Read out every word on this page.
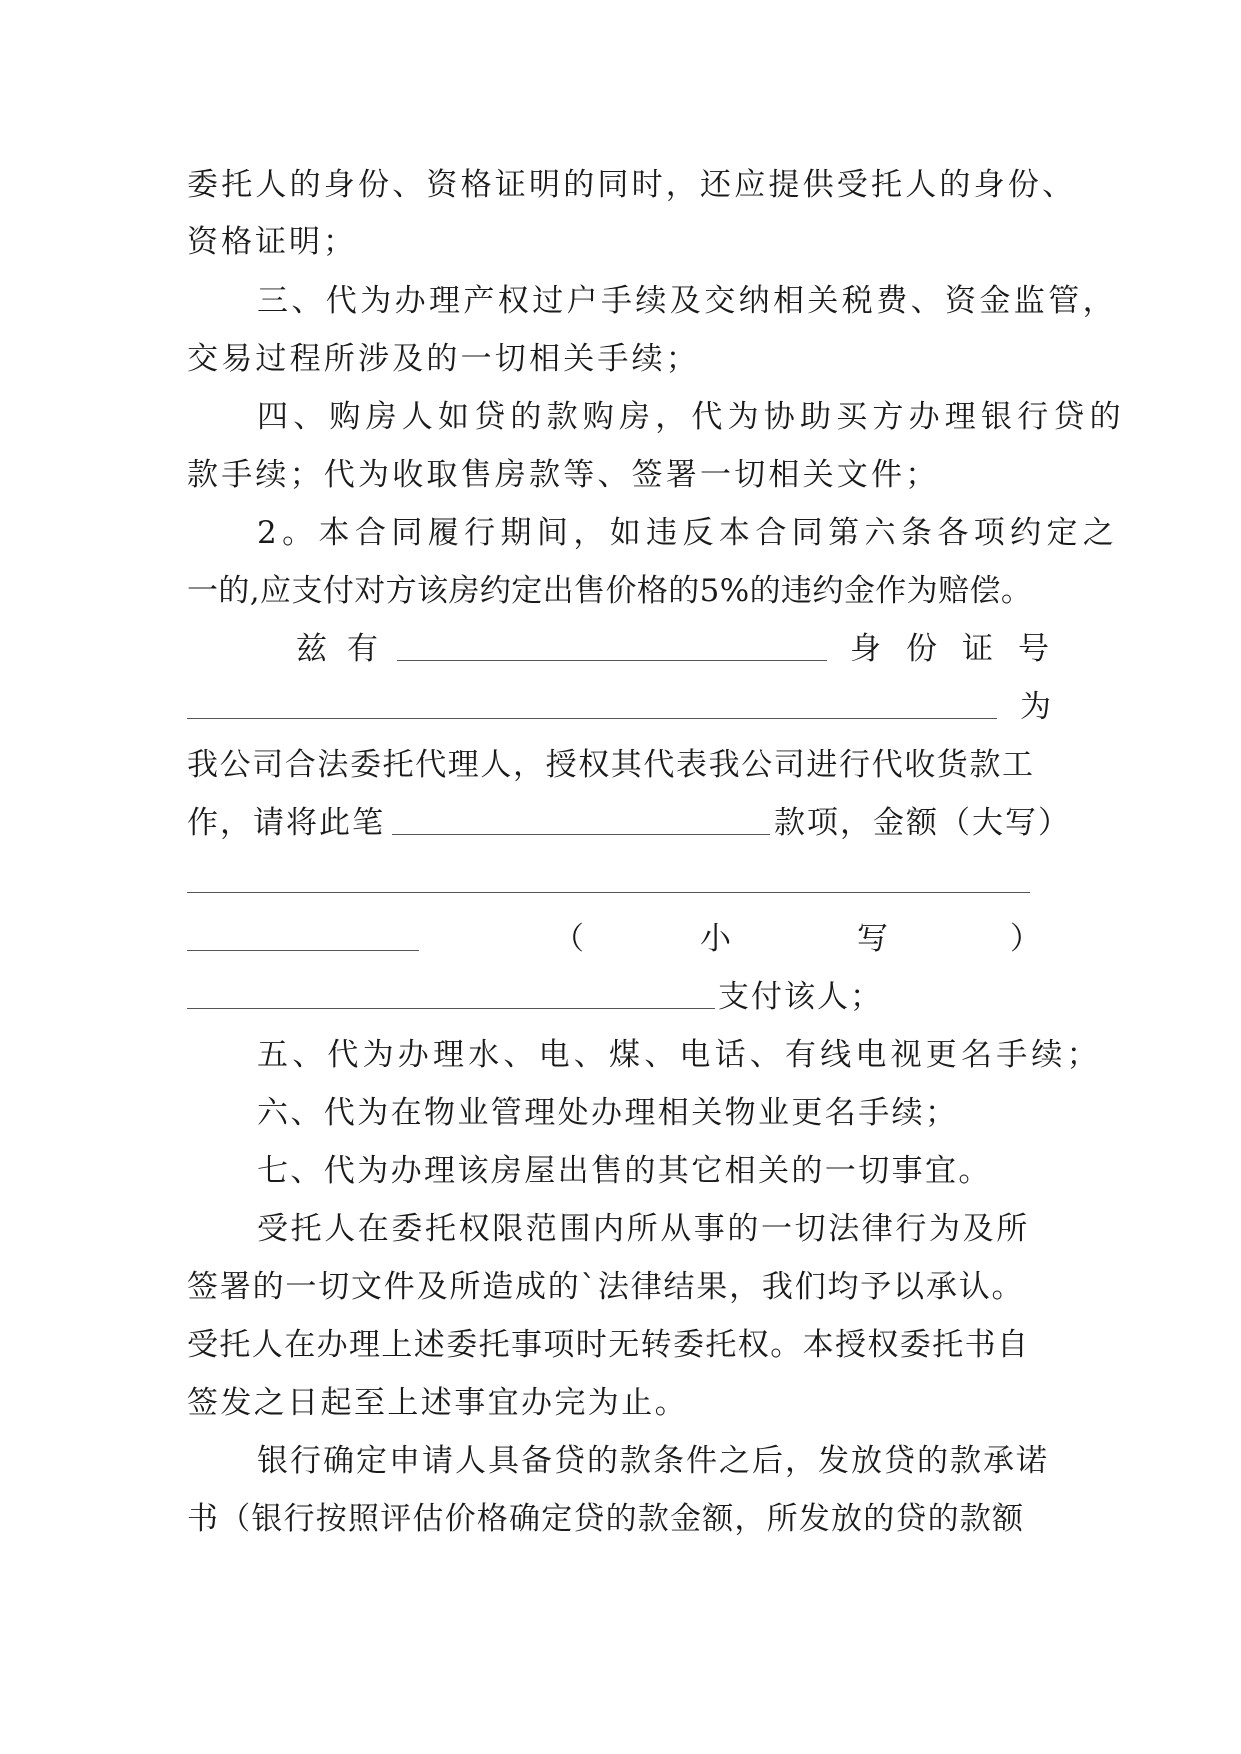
委托人的身份、资格证明的同时，还应提供受托人的身份、
资格证明；
三、代为办理产权过户手续及交纳相关税费、资金监管，
交易过程所涉及的一切相关手续；
四、购房人如贷的款购房，代为协助买方办理银行贷的
款手续；代为收取售房款等、签署一切相关文件；
2。本合同履行期间，如违反本合同第六条各项约定之
一的,应支付对方该房约定出售价格的5%的违约金作为赔偿。
兹 有	身 份 证 号
为
我公司合法委托代理人，授权其代表我公司进行代收货款工
作，请将此笔	款项，金额（大写）
（	小	写	）
支付该人；
五、代为办理水、电、煤、电话、有线电视更名手续；
六、代为在物业管理处办理相关物业更名手续；
七、代为办理该房屋出售的其它相关的一切事宜。
受托人在委托权限范围内所从事的一切法律行为及所
签署的一切文件及所造成的`法律结果，我们均予以承认。
受托人在办理上述委托事项时无转委托权。本授权委托书自
签发之日起至上述事宜办完为止。
银行确定申请人具备贷的款条件之后，发放贷的款承诺
书（银行按照评估价格确定贷的款金额，所发放的贷的款额
